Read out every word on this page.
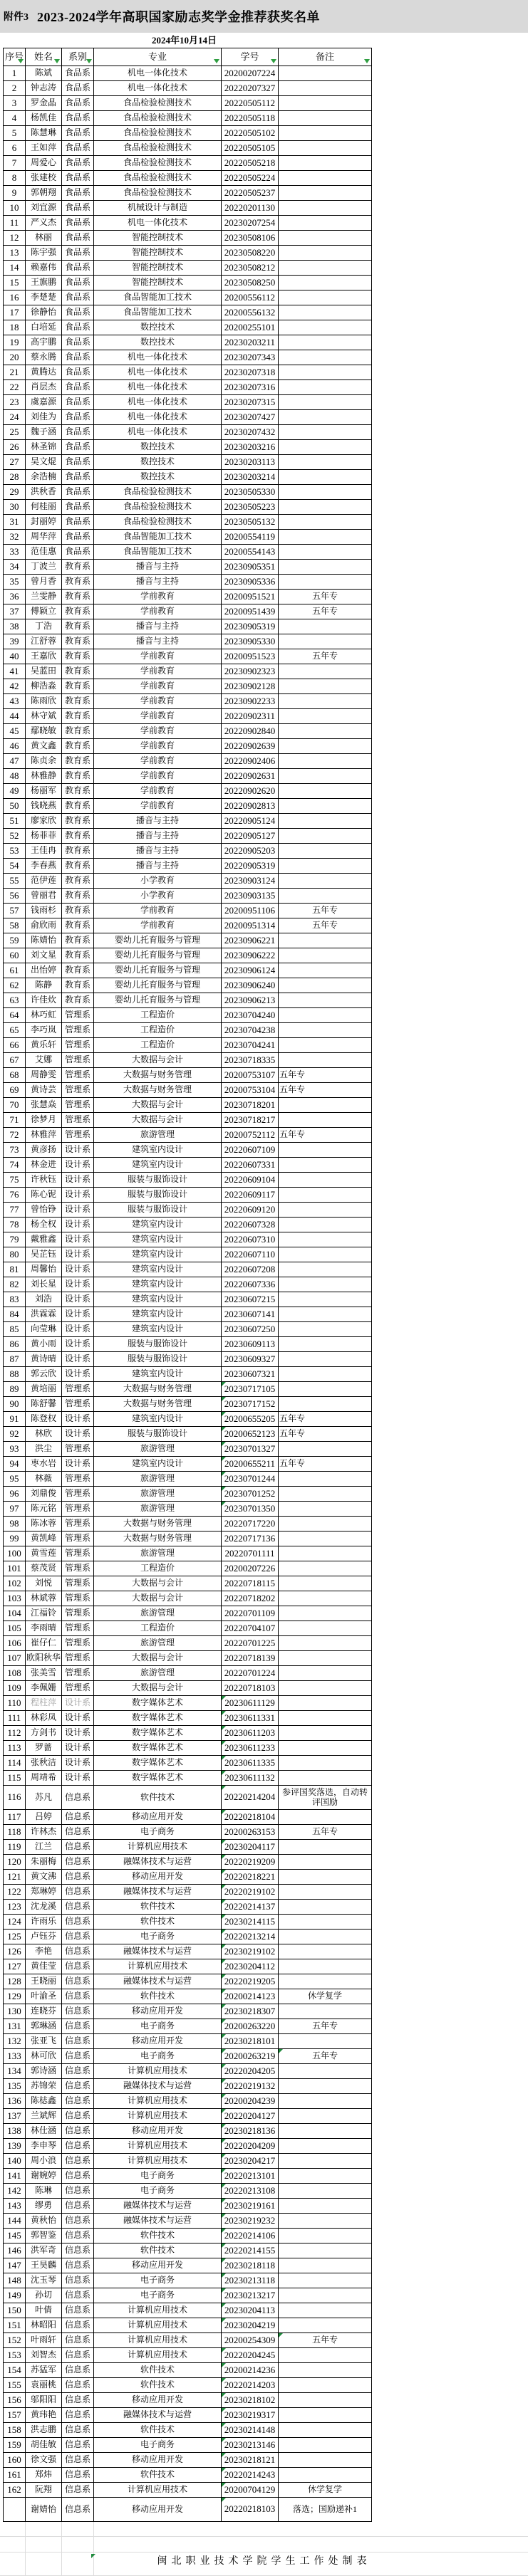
附件3 2023-2024学年高职国家励志奖学金推荐获奖名单
2024年10月14日
序号	姓名	系别	专业	学号	备注

1	陈斌	食品系	机电一体化技术	20200207224	
2	钟志涛	食品系	机电一体化技术	20220207327	
3	罗金晶	食品系	食品检验检测技术	20220505112	
4	杨凯佳	食品系	食品检验检测技术	20220505118	
5	陈慧琳	食品系	食品检验检测技术	20220505102	
6	王如萍	食品系	食品检验检测技术	20220505105	
7	周爱心	食品系	食品检验检测技术	20220505218	
8	张建校	食品系	食品检验检测技术	20220505224	
9	郭朝翔	食品系	食品检验检测技术	20220505237	
10	刘宜源	食品系	机械设计与制造	20220201130	
11	严义杰	食品系	机电一体化技术	20230207254	
12	林丽	食品系	智能控制技术	20230508106	
13	陈宇强	食品系	智能控制技术	20230508220	
14	赖嘉伟	食品系	智能控制技术	20230508212	
15	王旗鹏	食品系	智能控制技术	20230508250	
16	李楚楚	食品系	食品智能加工技术	20200556112	
17	徐静怡	食品系	食品智能加工技术	20200556132	
18	白培延	食品系	数控技术	20200255101	
19	高宇鹏	食品系	数控技术	20230203211	
20	蔡永腾	食品系	机电一体化技术	20230207343	
21	黄腾达	食品系	机电一体化技术	20230207318	
22	肖层杰	食品系	机电一体化技术	20230207316	
23	虞嘉源	食品系	机电一体化技术	20230207315	
24	刘佳为	食品系	机电一体化技术	20230207427	
25	魏子涵	食品系	机电一体化技术	20230207432	
26	林圣锦	食品系	数控技术	20230203216	
27	吴文焜	食品系	数控技术	20230203113	
28	余浩楠	食品系	数控技术	20230203214	
29	洪秋香	食品系	食品检验检测技术	20230505330	
30	何桂丽	食品系	食品检验检测技术	20230505223	
31	封丽婷	食品系	食品检验检测技术	20230505132	
32	周华萍	食品系	食品智能加工技术	20200554119	
33	范佳惠	食品系	食品智能加工技术	20200554143	
34	丁波兰	教育系	播音与主持	20230905351	
35	曾月香	教育系	播音与主持	20230905336	
36	兰雯静	教育系	学前教育	20200951521	五年专
37	傅颖立	教育系	学前教育	20200951439	五年专
38	丁浩	教育系	播音与主持	20230905319	
39	江舒蓉	教育系	播音与主持	20230905330	
40	王嘉欣	教育系	学前教育	20200951523	五年专
41	吴蓝田	教育系	学前教育	20230902323	
42	柳浩淼	教育系	学前教育	20230902128	
43	陈雨欣	教育系	学前教育	20230902233	
44	林守斌	教育系	学前教育	20220902311	
45	鄢晓敏	教育系	学前教育	20220902840	
46	黄文鑫	教育系	学前教育	20220902639	
47	陈贞余	教育系	学前教育	20220902406	
48	林雅静	教育系	学前教育	20220902631	
49	杨丽军	教育系	学前教育	20220902620	
50	钱晓燕	教育系	学前教育	20220902813	
51	廖家欣	教育系	播音与主持	20220905124	
52	杨菲菲	教育系	播音与主持	20220905127	
53	王佳冉	教育系	播音与主持	20220905203	
54	李春燕	教育系	播音与主持	20220905319	
55	范伊莲	教育系	小学教育	20230903124	
56	曾丽君	教育系	小学教育	20230903135	
57	钱雨杉	教育系	学前教育	20200951106	五年专
58	俞欣雨	教育系	学前教育	20200951314	五年专
59	陈婧怡	教育系	婴幼儿托育服务与管理	20230906221	
60	刘文星	教育系	婴幼儿托育服务与管理	20230906222	
61	出怡婷	教育系	婴幼儿托育服务与管理	20230906124	
62	陈静	教育系	婴幼儿托育服务与管理	20230906240	
63	许佳炊	教育系	婴幼儿托育服务与管理	20230906213	
64	林巧虹	管理系	工程造价	20230704240	
65	李巧岚	管理系	工程造价	20230704238	
66	黄乐轩	管理系	工程造价	20230704241	
67	艾娜	管理系	大数据与会计	20230718335	
68	周静雯	管理系	大数据与财务管理	20200753107	五年专
69	黄诗芸	管理系	大数据与财务管理	20200753104	五年专
70	张慧焱	管理系	大数据与会计	20230718201	
71	徐梦月	管理系	大数据与会计	20230718217	
72	林雅萍	管理系	旅游管理	20200752112	五年专
73	黄彦扬	设计系	建筑室内设计	20220607109	
74	林金进	设计系	建筑室内设计	20220607331	
75	许秋钰	设计系	服装与服饰设计	20220609104	
76	陈心铌	设计系	服装与服饰设计	20220609117	
77	曾怡铮	设计系	服装与服饰设计	20220609120	
78	杨全权	设计系	建筑室内设计	20220607328	
79	戴雅鑫	设计系	建筑室内设计	20220607310	
80	吴芷钰	设计系	建筑室内设计	20220607110	
81	周馨怡	设计系	建筑室内设计	20220607208	
82	刘长星	设计系	建筑室内设计	20220607336	
83	刘浩	设计系	建筑室内设计	20230607215	
84	洪霖霖	设计系	建筑室内设计	20230607141	
85	向莹琳	设计系	建筑室内设计	20230607250	
86	黄小雨	设计系	服装与服饰设计	20230609113	
87	黄诗晴	设计系	服装与服饰设计	20230609327	
88	郭云欣	设计系	建筑室内设计	20230607321	
89	黄培丽	管理系	大数据与财务管理	20230717105	
90	陈舒馨	管理系	大数据与财务管理	20230717152	
91	陈登权	设计系	建筑室内设计	20200655205	五年专
92	林欣	设计系	服装与服饰设计	20200652123	五年专
93	洪尘	管理系	旅游管理	20230701327	
94	枣水岩	设计系	建筑室内设计	20200655211	五年专
95	林薇	管理系	旅游管理	20230701244	
96	刘鼎俊	管理系	旅游管理	20230701252	
97	陈元铭	管理系	旅游管理	20230701350	
98	陈冰蓉	管理系	大数据与财务管理	20220717220	
99	黄凯峰	管理系	大数据与财务管理	20220717136	
100	黄雪莲	管理系	旅游管理	20220701111	
101	蔡茂贤	管理系	工程造价	20200207226	
102	刘悦	管理系	大数据与会计	20220718115	
103	林斌蓉	管理系	大数据与会计	20220718202	
104	江福铃	管理系	旅游管理	20220701109	
105	李雨晴	管理系	工程造价	20220704107	
106	崔仔仁	管理系	旅游管理	20220701225	
107	欧阳秋华	管理系	大数据与会计	20220718139	
108	张美雪	管理系	旅游管理	20220701224	
109	李佩姗	管理系	大数据与会计	20220718103	
110	程柱萍	设计系	数字媒体艺术	20230611129	
111	林彩凤	设计系	数字媒体艺术	20230611331	
112	方剑书	设计系	数字媒体艺术	20230611203	
113	罗蔷	设计系	数字媒体艺术	20230611233	
114	张秋洁	设计系	数字媒体艺术	20230611335	
115	周靖希	设计系	数字媒体艺术	20230611132	
116	苏凡	信息系	软件技术	20220214204	参评国奖落选，自动转评国励
117	吕婷	信息系	移动应用开发	20220218104	
118	许林杰	信息系	电子商务	20200263153	五年专
119	江兰	信息系	计算机应用技术	20230204117	
120	朱丽梅	信息系	融媒体技术与运营	20220219209	
121	黄文沸	信息系	移动应用开发	20220218221	
122	郑琳婷	信息系	融媒体技术与运营	20220219102	
123	沈龙溪	信息系	软件技术	20220214137	
124	许雨乐	信息系	软件技术	20230214115	
125	卢钰芬	信息系	电子商务	20220213214	
126	李艳	信息系	融媒体技术与运营	20230219102	
127	黄佳莹	信息系	计算机应用技术	20230204112	
128	王晓丽	信息系	融媒体技术与运营	20220219205	
129	叶渝圣	信息系	软件技术	20200214123	休学复学
130	连晓芬	信息系	移动应用开发	20230218307	
131	郭琳涵	信息系	电子商务	20200263220	五年专
132	张亚飞	信息系	移动应用开发	20230218101	
133	林可欣	信息系	电子商务	20200263219	五年专
134	郭诗涵	信息系	计算机应用技术	20220204205	
135	苏锦荣	信息系	融媒体技术与运营	20220219132	
136	陈梽鑫	信息系	计算机应用技术	20200204239	
137	兰斌辉	信息系	计算机应用技术	20220204127	
138	林仕涵	信息系	移动应用开发	20230218136	
139	李申琴	信息系	计算机应用技术	20220204209	
140	周小浪	信息系	计算机应用技术	20230204217	
141	谢婉婷	信息系	电子商务	20220213101	
142	陈琳	信息系	电子商务	20220213108	
143	缪勇	信息系	融媒体技术与运营	20230219161	
144	黄秋怡	信息系	融媒体技术与运营	20230219232	
145	郭智鉴	信息系	软件技术	20220214106	
146	洪军奇	信息系	软件技术	20220214155	
147	王昊麟	信息系	移动应用开发	20230218118	
148	沈玉琴	信息系	电子商务	20230213118	
149	孙切	信息系	电子商务	20230213217	
150	叶倩	信息系	计算机应用技术	20230204113	
151	林昭阳	信息系	计算机应用技术	20230204219	
152	叶雨轩	信息系	计算机应用技术	20200254309	五年专
153	刘智杰	信息系	计算机应用技术	20220204245	
154	苏猛军	信息系	软件技术	20200214236	
155	袁丽桃	信息系	软件技术	20220214203	
156	邬阳阳	信息系	移动应用开发	20230218102	
157	黄玮艳	信息系	融媒体技术与运营	20230219317	
158	洪志鹏	信息系	软件技术	20230214148	
159	胡佳敏	信息系	电子商务	20230213146	
160	徐文强	信息系	移动应用开发	20230218121	
161	郑炜	信息系	软件技术	20220214243	
162	阮翔	信息系	计算机应用技术	20200704129	休学复学
	谢婧怡	信息系	移动应用开发	20220218103	落选；国励递补1
闽北职业技术学院学生工作处制表
